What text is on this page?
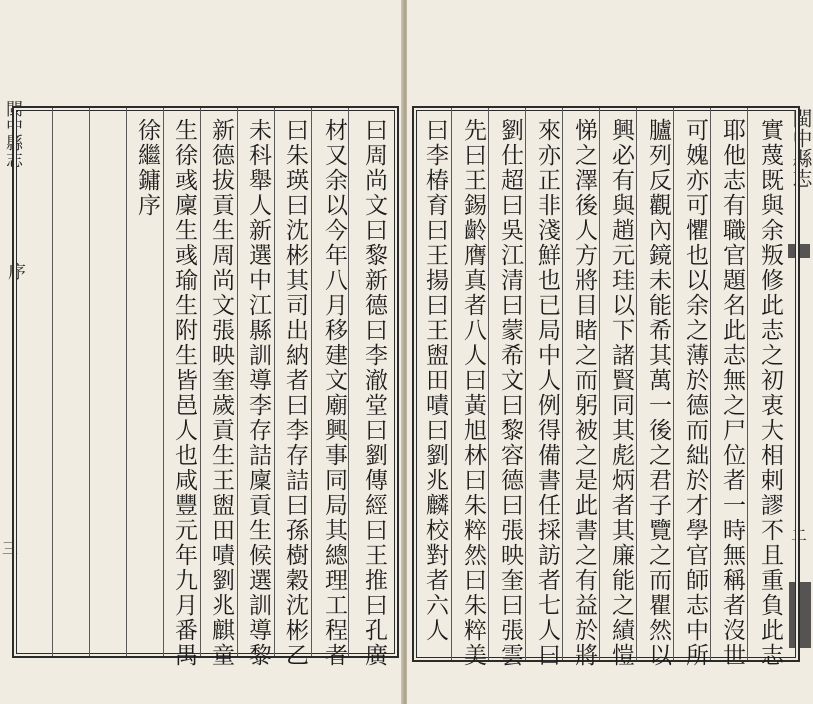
閩中縣志
序
三	曰周尚文曰黎新德曰李澈堂曰劉傳經曰王推曰孔廣
材又余以今年八月移建文廟興事同局其總理工程者
曰朱瑛曰沈彬其司出納者曰李存詰曰孫樹穀沈彬乙
未科舉人新選中江縣訓導李存詰廩貢生候選訓導黎
新德拔貢生周尚文張映奎歲貢生王盥田嘖劉兆麒童
生徐彧廩生彧瑜生附生皆邑人也咸豐元年九月番禺
徐繼鏞序	閩中縣志
二
實蔑既與余叛修此志之初衷大相剌謬不且重負此志
耶他志有職官題名此志無之尸位者一時無稱者沒世
可媿亦可懼也以余之薄於德而絀於才學官師志中所
臚列反觀內鏡未能希其萬一後之君子覽之而瞿然以
興必有與趙元珪以下諸賢同其彪炳者其廉能之績愷
悌之澤後人方將目睹之而躬被之是此書之有益於將
來亦正非淺鮮也已局中人例得備書任採訪者七人曰
劉仕超曰吳江清曰蒙希文曰黎容德曰張映奎曰張雲
先曰王錫齡膺真者八人曰黃旭林曰朱粹然曰朱粹美
曰李椿育曰王揚曰王盥田嘖曰劉兆麟校對者六人
